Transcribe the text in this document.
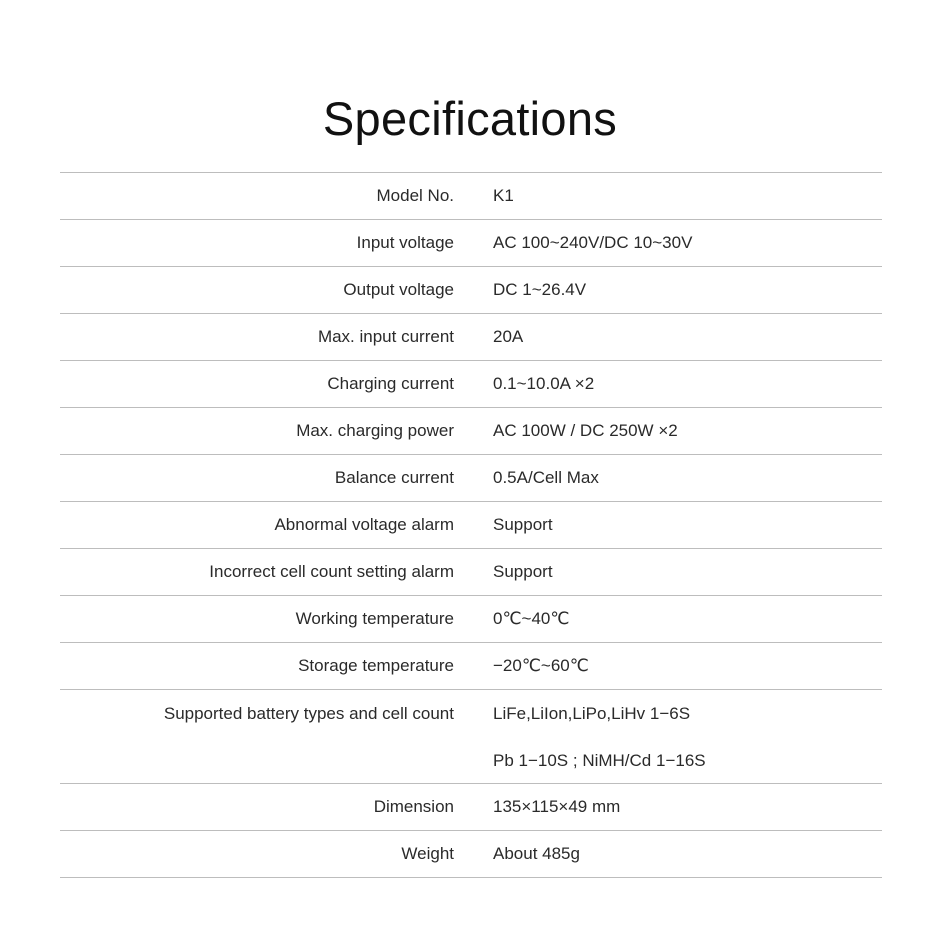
Specifications
Model No. K1
Input voltage AC 100~240V/DC 10~30V
Output voltage DC 1~26.4V
Max. input current 20A
Charging current 0.1~10.0A ×2
Max. charging power AC 100W / DC 250W ×2
Balance current 0.5A/Cell Max
Abnormal voltage alarm Support
Incorrect cell count setting alarm Support
Working temperature 0℃~40℃
Storage temperature −20℃~60℃
Supported battery types and cell count LiFe,LiIon,LiPo,LiHv 1−6S
Pb 1−10S ; NiMH/Cd 1−16S
Dimension 135×115×49 mm
Weight About 485g
